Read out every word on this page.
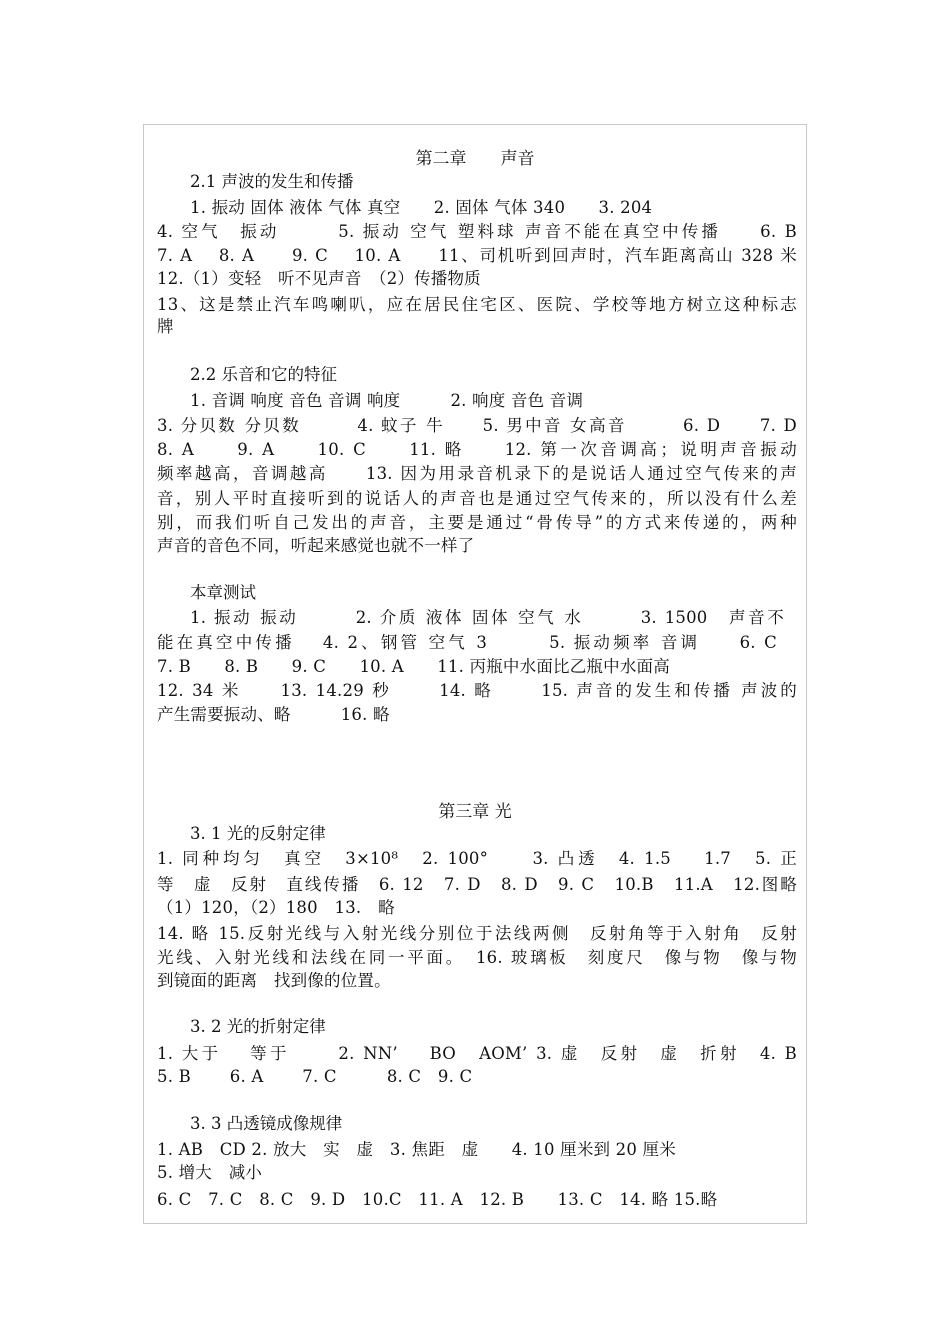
第二章　　声音
2.1 声波的发生和传播
1. 振动 固体 液体 气体 真空　　2. 固体 气体 340　　3. 204
4. 空气　振动　　　5. 振动 空气 塑料球 声音不能在真空中传播　　6. B
7. A　 8. A　　9. C　 10. A　　11、司机听到回声时，汽车距离高山 328 米
12.（1）变轻　听不见声音　（2）传播物质
13、这是禁止汽车鸣喇叭，应在居民住宅区、医院、学校等地方树立这种标志
牌
2.2 乐音和它的特征
1. 音调 响度 音色 音调 响度　　　2. 响度 音色 音调
3. 分贝数 分贝数　　　4. 蚊子 牛　　5. 男中音 女高音　　　6. D　　7. D
8. A　　9. A　　10. C　　11. 略　　12. 第一次音调高；说明声音振动
频率越高，音调越高　　13. 因为用录音机录下的是说话人通过空气传来的声
音，别人平时直接听到的说话人的声音也是通过空气传来的，所以没有什么差
别，而我们听自己发出的声音，主要是通过“骨传导”的方式来传递的，两种
声音的音色不同，听起来感觉也就不一样了
本章测试
1. 振动 振动　　　2. 介质 液体 固体 空气 水　　　3. 1500　声音不
能在真空中传播　 4. 2、钢管 空气 3　　　5. 振动频率 音调　　6. C
7. B　　8. B　　9. C　　10. A　　11. 丙瓶中水面比乙瓶中水面高
12. 34 米　　13. 14.29 秒　　 14. 略　　 15. 声音的发生和传播 声波的
产生需要振动、略　　　16. 略
第三章 光
3. 1 光的反射定律
1. 同种均匀　真空　3×10⁸　2. 100°　　3. 凸透　4. 1.5　 1.7　5. 正
等　虚　反射　直线传播　6. 12　7. D　8. D　9. C　10.B　11.A　12.图略
（1）120，（2）180　13.　略
14. 略 15.反射光线与入射光线分别位于法线两侧　反射角等于入射角　反射
光线、入射光线和法线在同一平面。　16. 玻璃板　刻度尺　像与物　像与物
到镜面的距离　找到像的位置。
3. 2 光的折射定律
1. 大于　 等于　　 2. NN’　 BO　AOM’ 3. 虚　反射　虚　折射　4. B
5. B　　 6. A　　 7. C　　　8. C　9. C
3. 3 凸透镜成像规律
1. AB　CD 2. 放大　实　虚　3. 焦距　虚　　4. 10 厘米到 20 厘米
5. 增大　减小
6. C　7. C　8. C　9. D　10.C　11. A　12. B　　13. C　14. 略 15.略
